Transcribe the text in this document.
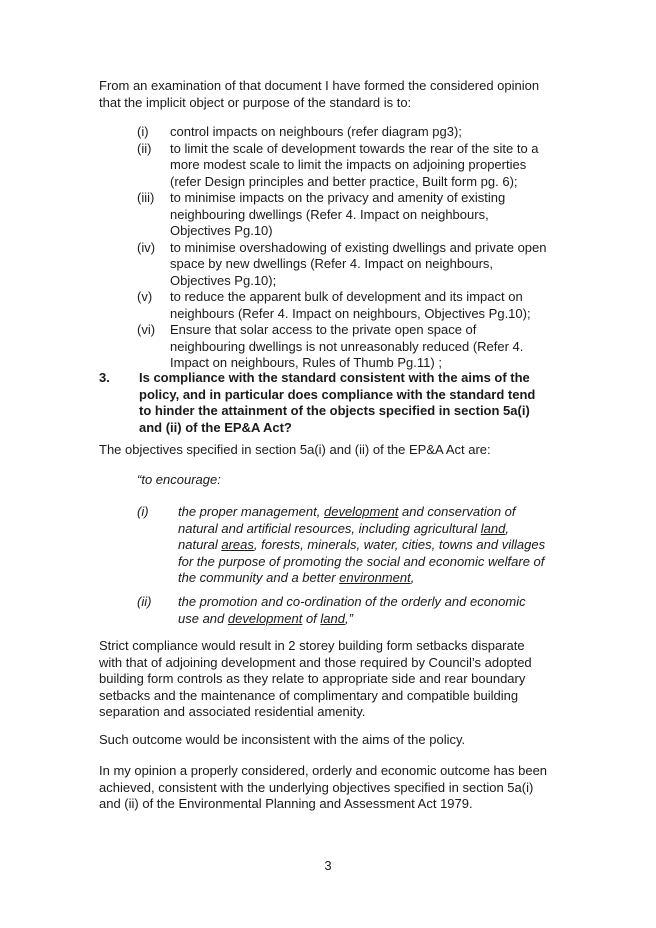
From an examination of that document I have formed the considered opinion

that the implicit object or purpose of the standard is to:

(i) control impacts on neighbours (refer diagram pg3);
(ii) to limit the scale of development towards the rear of the site to a
more modest scale to limit the impacts on adjoining properties
(refer Design principles and better practice, Built form pg. 6);
(iii) to minimise impacts on the privacy and amenity of existing
neighbouring dwellings (Refer 4. Impact on neighbours,
Objectives Pg.10)
(iv) to minimise overshadowing of existing dwellings and private open
space by new dwellings (Refer 4. Impact on neighbours,
Objectives Pg.10);
(v) to reduce the apparent bulk of development and its impact on
neighbours (Refer 4. Impact on neighbours, Objectives Pg.10);
(vi) Ensure that solar access to the private open space of
neighbouring dwellings is not unreasonably reduced (Refer 4.
Impact on neighbours, Rules of Thumb Pg.11) ;
3. Is compliance with the standard consistent with the aims of the
policy, and in particular does compliance with the standard tend
to hinder the attainment of the objects specified in section 5a(i)
and (ii) of the EP&A Act?

The objectives specified in section 5a(i) and (ii) of the EP&A Act are:

“to encourage:
(i) the proper management, development and conservation of
natural and artificial resources, including agricultural land,
natural areas, forests, minerals, water, cities, towns and villages
for the purpose of promoting the social and economic welfare of
the community and a better environment,
(ii) the promotion and co-ordination of the orderly and economic
use and development of land,”

Strict compliance would result in 2 storey building form setbacks disparate

with that of adjoining development and those required by Council’s adopted

building form controls as they relate to appropriate side and rear boundary

setbacks and the maintenance of complimentary and compatible building

separation and associated residential amenity.

Such outcome would be inconsistent with the aims of the policy.

In my opinion a properly considered, orderly and economic outcome has been

achieved, consistent with the underlying objectives specified in section 5a(i)

and (ii) of the Environmental Planning and Assessment Act 1979.

3
